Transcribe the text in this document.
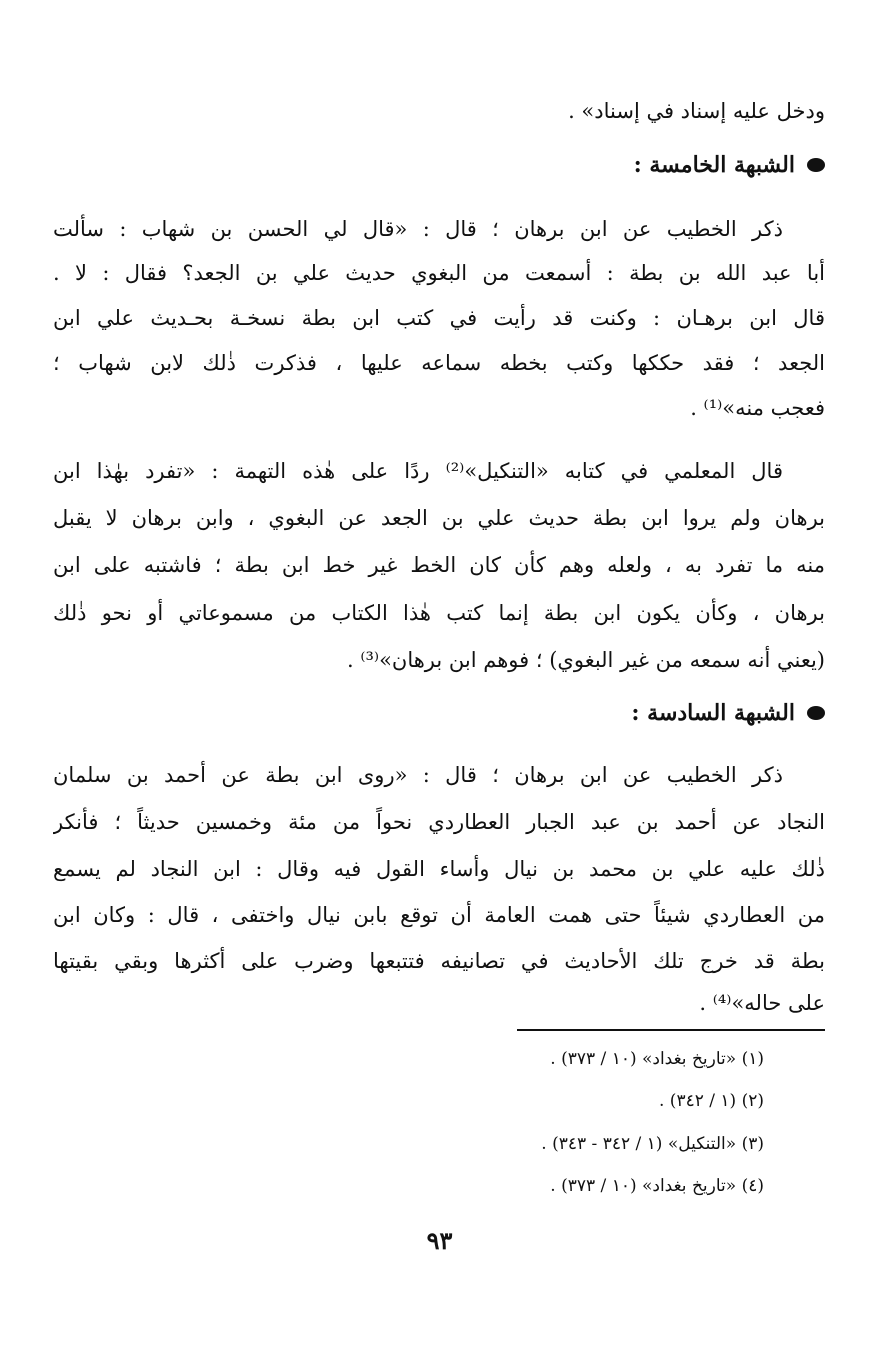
ودخل عليه إسناد في إسناد» .
الشبهة الخامسة :
ذكر الخطيب عن ابن برهان ؛ قال : «قال لي الحسن بن شهاب : سألت
أبا عبد الله بن بطة : أسمعت من البغوي حديث علي بن الجعد؟ فقال : لا .
قال ابن برهـان : وكنت قد رأيت في كتب ابن بطة نسخـة بحـديث علي ابن
الجعد ؛ فقد حككها وكتب بخطه سماعه عليها ، فذكرت ذٰلك لابن شهاب ؛
فعجب منه»⁽¹⁾ .
قال المعلمي في كتابه «التنكيل»⁽²⁾ ردًا على هٰذه التهمة : «تفرد بهٰذا ابن
برهان ولم يروا ابن بطة حديث علي بن الجعد عن البغوي ، وابن برهان لا يقبل
منه ما تفرد به ، ولعله وهم كأن كان الخط غير خط ابن بطة ؛ فاشتبه على ابن
برهان ، وكأن يكون ابن بطة إنما كتب هٰذا الكتاب من مسموعاتي أو نحو ذٰلك
(يعني أنه سمعه من غير البغوي) ؛ فوهم ابن برهان»⁽³⁾ .
الشبهة السادسة :
ذكر الخطيب عن ابن برهان ؛ قال : «روى ابن بطة عن أحمد بن سلمان
النجاد عن أحمد بن عبد الجبار العطاردي نحواً من مئة وخمسين حديثاً ؛ فأنكر
ذٰلك عليه علي بن محمد بن نيال وأساء القول فيه وقال : ابن النجاد لم يسمع
من العطاردي شيئاً حتى همت العامة أن توقع بابن نيال واختفى ، قال : وكان ابن
بطة قد خرج تلك الأحاديث في تصانيفه فتتبعها وضرب على أكثرها وبقي بقيتها
على حاله»⁽⁴⁾ .
(١) «تاريخ بغداد» (١٠ / ٣٧٣) .
(٢) (١ / ٣٤٢) .
(٣) «التنكيل» (١ / ٣٤٢ - ٣٤٣) .
(٤) «تاريخ بغداد» (١٠ / ٣٧٣) .
٩٣
